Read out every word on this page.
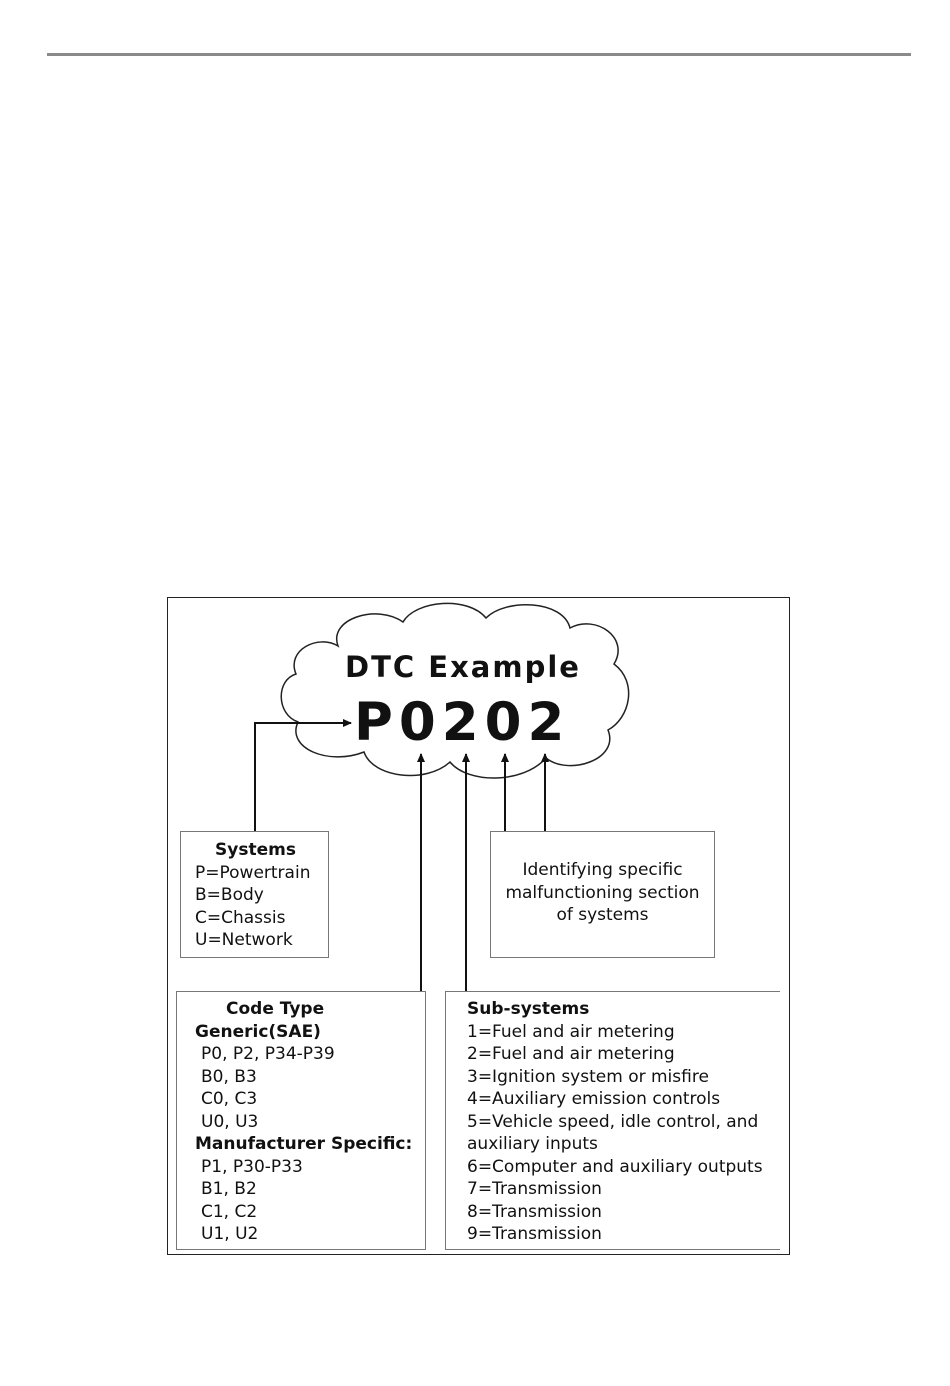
DTC Example
P0202
Systems
P=Powertrain
B=Body
C=Chassis
U=Network
Identifying specific malfunctioning section of systems
Code Type
Generic(SAE)
P0, P2, P34-P39
B0, B3
C0, C3
U0, U3
Manufacturer Specific:
P1, P30-P33
B1, B2
C1, C2
U1, U2
Sub-systems
1=Fuel and air metering
2=Fuel and air metering
3=Ignition system or misfire
4=Auxiliary emission controls
5=Vehicle speed, idle control, and auxiliary inputs
6=Computer and auxiliary outputs
7=Transmission
8=Transmission
9=Transmission
